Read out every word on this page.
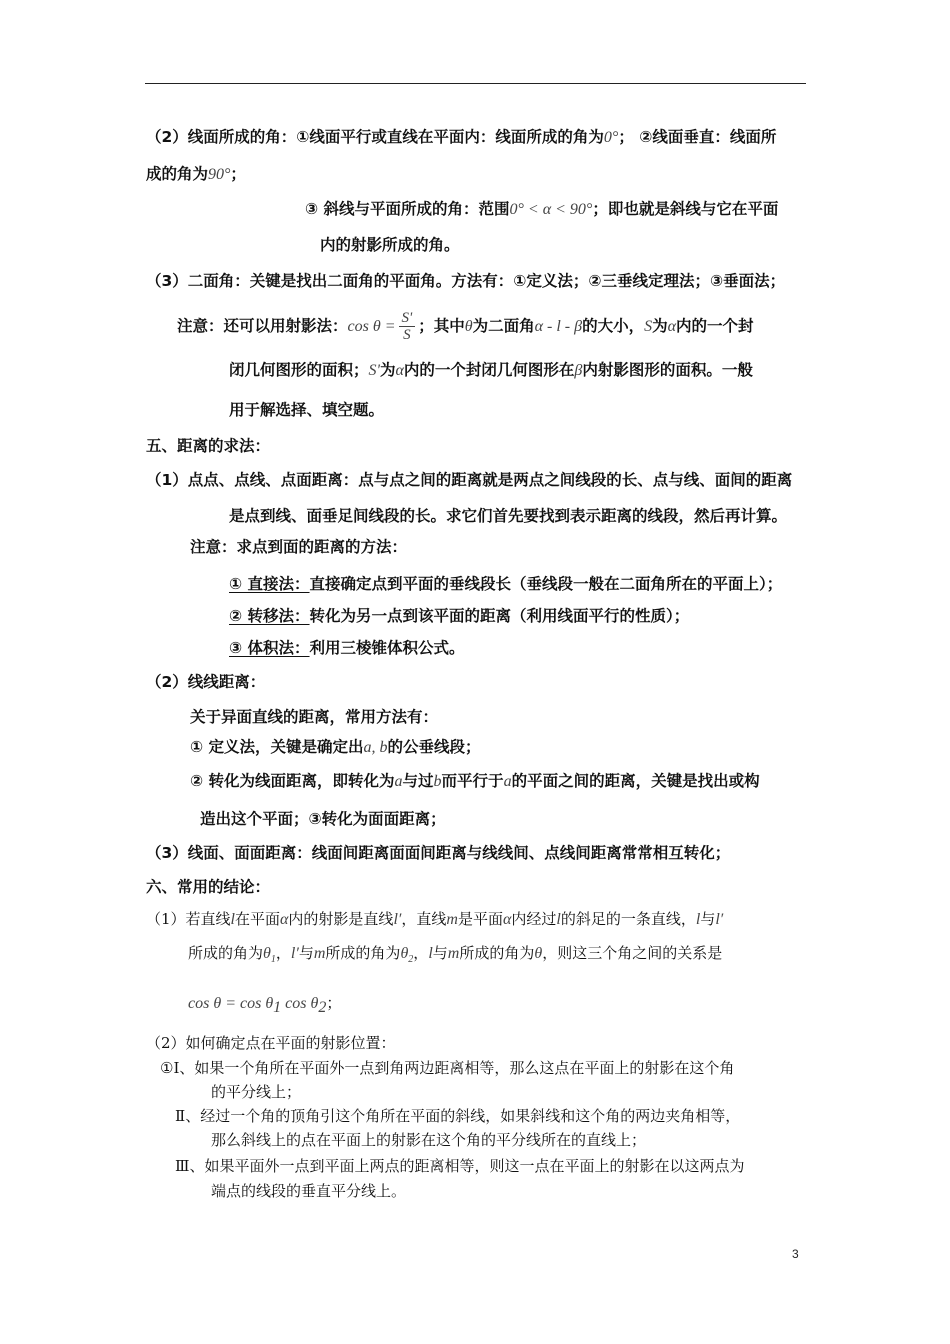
（2）线面所成的角：①线面平行或直线在平面内：线面所成的角为0°； ②线面垂直：线面所
成的角为90°；
③ 斜线与平面所成的角：范围0° < α < 90°；即也就是斜线与它在平面
内的射影所成的角。
（3）二面角：关键是找出二面角的平面角。方法有：①定义法；②三垂线定理法；③垂面法；
注意：还可以用射影法：$\cos \theta = \frac{S'}{S}$ ；其中θ为二面角α - l - β的大小，S为α内的一个封
闭几何图形的面积；S'为α内的一个封闭几何图形在β内射影图形的面积。一般
用于解选择、填空题。
五、距离的求法：
（1）点点、点线、点面距离：点与点之间的距离就是两点之间线段的长、点与线、面间的距离
是点到线、面垂足间线段的长。求它们首先要找到表示距离的线段，然后再计算。
注意：求点到面的距离的方法：
① 直接法：直接确定点到平面的垂线段长（垂线段一般在二面角所在的平面上）；
② 转移法：转化为另一点到该平面的距离（利用线面平行的性质）；
③ 体积法：利用三棱锥体积公式。
（2）线线距离：
关于异面直线的距离，常用方法有：
① 定义法，关键是确定出a, b的公垂线段；
② 转化为线面距离，即转化为a与过b而平行于a的平面之间的距离，关键是找出或构
造出这个平面；③转化为面面距离；
（3）线面、面面距离：线面间距离面面间距离与线线间、点线间距离常常相互转化；
六、常用的结论：
（1）若直线l在平面α内的射影是直线l′，直线m是平面α内经过l的斜足的一条直线，l与l′
所成的角为$\theta_1$，l′与m所成的角为$\theta_2$，l与m所成的角为θ，则这三个角之间的关系是
$\cos \theta = \cos \theta_1$ $\cos \theta_2$；
（2）如何确定点在平面的射影位置：
①Ⅰ、如果一个角所在平面外一点到角两边距离相等，那么这点在平面上的射影在这个角
的平分线上；
Ⅱ、经过一个角的顶角引这个角所在平面的斜线，如果斜线和这个角的两边夹角相等，
那么斜线上的点在平面上的射影在这个角的平分线所在的直线上；
Ⅲ、如果平面外一点到平面上两点的距离相等，则这一点在平面上的射影在以这两点为
端点的线段的垂直平分线上。
3
